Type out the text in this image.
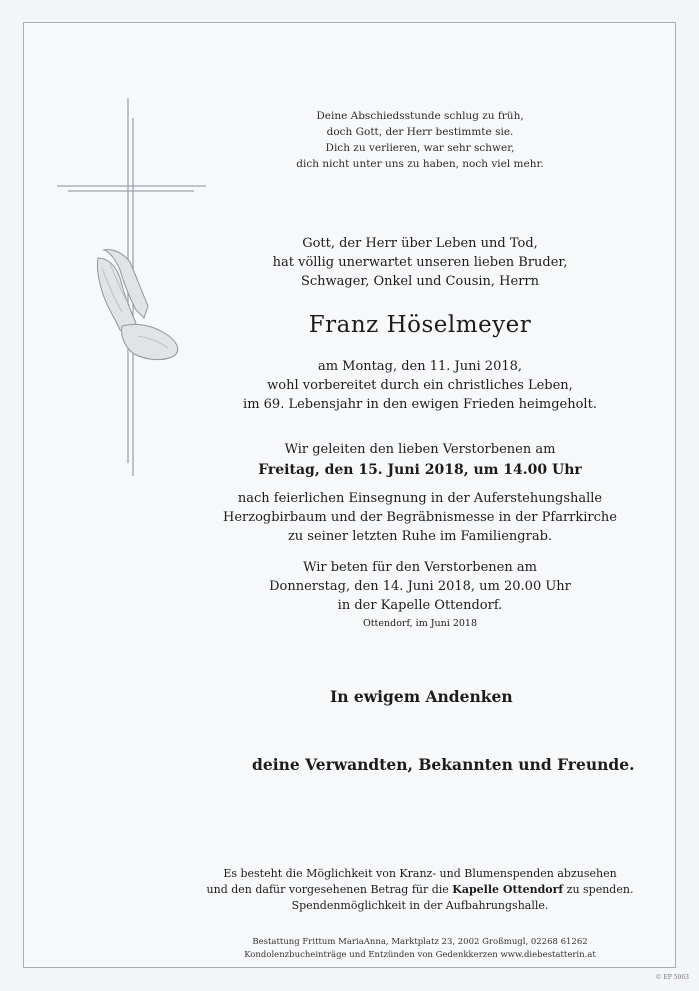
Deine Abschiedsstunde schlug zu früh,
doch Gott, der Herr bestimmte sie.
Dich zu verlieren, war sehr schwer,
dich nicht unter uns zu haben, noch viel mehr.
Gott, der Herr über Leben und Tod,
hat völlig unerwartet unseren lieben Bruder,
Schwager, Onkel und Cousin, Herrn
Franz Höselmeyer
am Montag, den 11. Juni 2018,
wohl vorbereitet durch ein christliches Leben,
im 69. Lebensjahr in den ewigen Frieden heimgeholt.
Wir geleiten den lieben Verstorbenen am
Freitag, den 15. Juni 2018, um 14.00 Uhr
nach feierlichen Einsegnung in der Auferstehungshalle
Herzogbirbaum und der Begräbnismesse in der Pfarrkirche
zu seiner letzten Ruhe im Familiengrab.
Wir beten für den Verstorbenen am
Donnerstag, den 14. Juni 2018, um 20.00 Uhr
in der Kapelle Ottendorf.
Ottendorf, im Juni 2018
In ewigem Andenken
deine Verwandten, Bekannten und Freunde.
Es besteht die Möglichkeit von Kranz- und Blumenspenden abzusehen
und den dafür vorgesehenen Betrag für die Kapelle Ottendorf zu spenden.
Spendenmöglichkeit in der Aufbahrungshalle.
Bestattung Frittum MariaAnna, Marktplatz 23, 2002 Großmugl, 02268 61262
Kondolenzbucheinträge und Entzünden von Gedenkkerzen www.diebestatterin.at
© EP 5063
